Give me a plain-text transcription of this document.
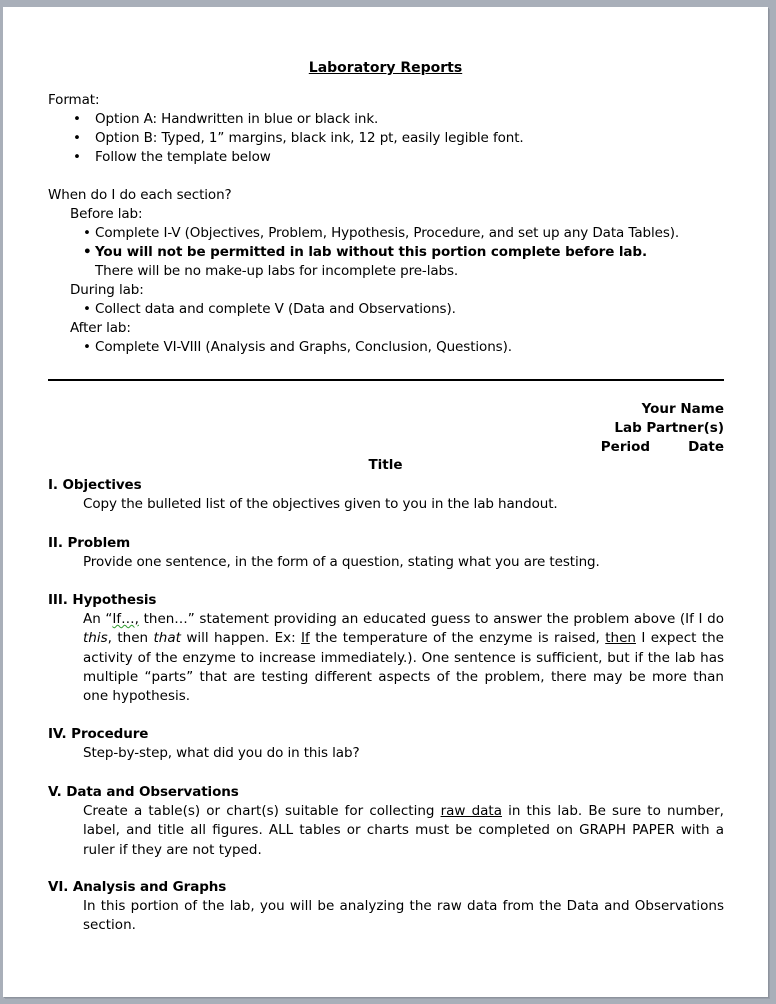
Laboratory Reports
Format:
• Option A: Handwritten in blue or black ink.
• Option B: Typed, 1” margins, black ink, 12 pt, easily legible font.
• Follow the template below
When do I do each section?
Before lab:
• Complete I-V (Objectives, Problem, Hypothesis, Procedure, and set up any Data Tables).
• You will not be permitted in lab without this portion complete before lab.
There will be no make-up labs for incomplete pre-labs.
During lab:
• Collect data and complete V (Data and Observations).
After lab:
• Complete VI-VIII (Analysis and Graphs, Conclusion, Questions).
Your Name
Lab Partner(s)
Period	Date
Title
I. Objectives
Copy the bulleted list of the objectives given to you in the lab handout.
II. Problem
Provide one sentence, in the form of a question, stating what you are testing.
III. Hypothesis
An “If…, then…” statement providing an educated guess to answer the problem above (If I do this, then that will happen. Ex: If the temperature of the enzyme is raised, then I expect the activity of the enzyme to increase immediately.). One sentence is sufficient, but if the lab has multiple “parts” that are testing different aspects of the problem, there may be more than one hypothesis.
IV. Procedure
Step-by-step, what did you do in this lab?
V. Data and Observations
Create a table(s) or chart(s) suitable for collecting raw data in this lab. Be sure to number, label, and title all figures. ALL tables or charts must be completed on GRAPH PAPER with a ruler if they are not typed.
VI. Analysis and Graphs
In this portion of the lab, you will be analyzing the raw data from the Data and Observations section.
